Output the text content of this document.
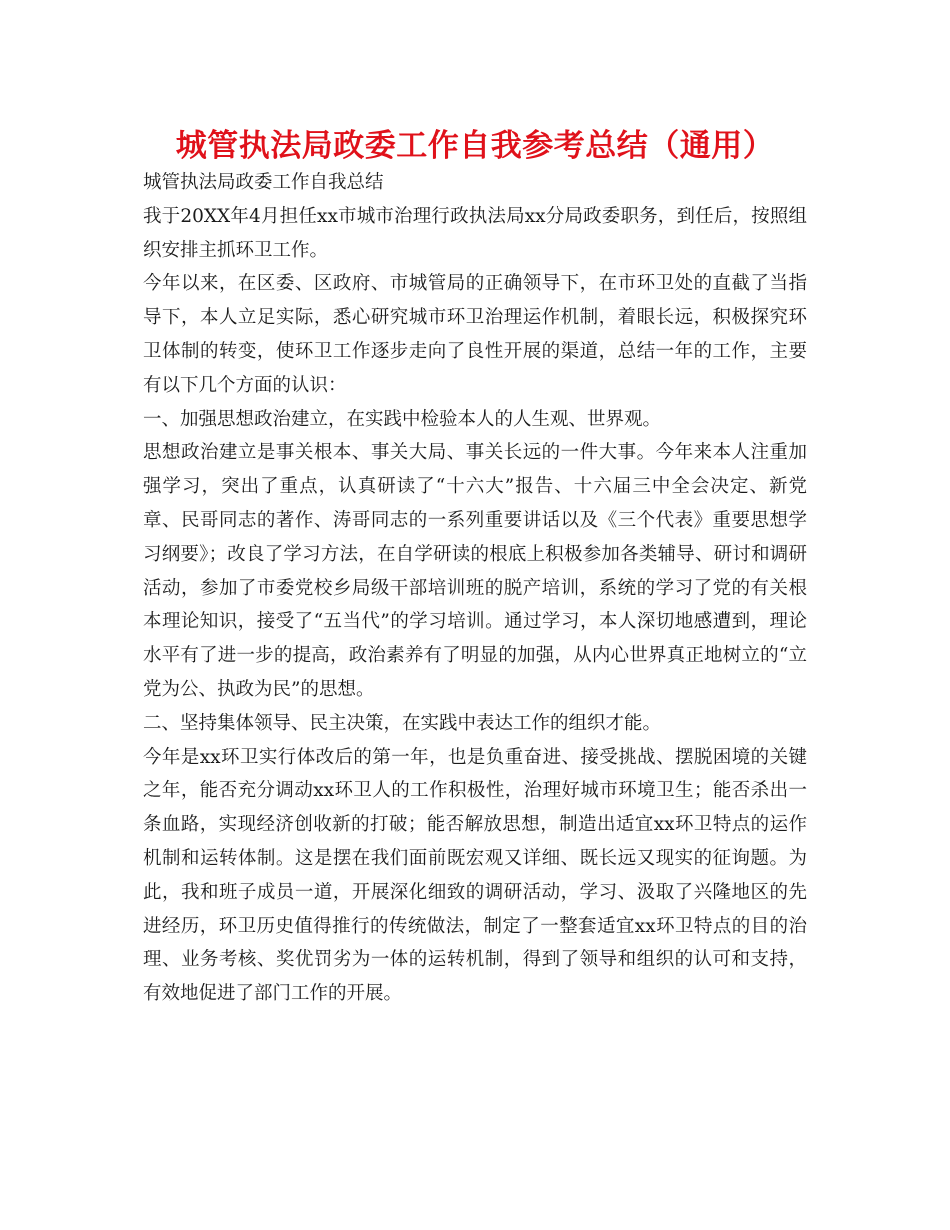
城管执法局政委工作自我参考总结（通用）

城管执法局政委工作自我总结

我于20XX年4月担任xx市城市治理行政执法局xx分局政委职务，到任后，按照组织安排主抓环卫工作。

今年以来，在区委、区政府、市城管局的正确领导下，在市环卫处的直截了当指导下，本人立足实际，悉心研究城市环卫治理运作机制，着眼长远，积极探究环卫体制的转变，使环卫工作逐步走向了良性开展的渠道，总结一年的工作，主要有以下几个方面的认识：

一、加强思想政治建立，在实践中检验本人的人生观、世界观。

思想政治建立是事关根本、事关大局、事关长远的一件大事。今年来本人注重加强学习，突出了重点，认真研读了“十六大”报告、十六届三中全会决定、新党章、民哥同志的著作、涛哥同志的一系列重要讲话以及《三个代表》重要思想学习纲要》；改良了学习方法，在自学研读的根底上积极参加各类辅导、研讨和调研活动，参加了市委党校乡局级干部培训班的脱产培训，系统的学习了党的有关根本理论知识，接受了“五当代”的学习培训。通过学习，本人深切地感遭到，理论水平有了进一步的提高，政治素养有了明显的加强，从内心世界真正地树立的“立党为公、执政为民”的思想。

二、坚持集体领导、民主决策，在实践中表达工作的组织才能。

今年是xx环卫实行体改后的第一年，也是负重奋进、接受挑战、摆脱困境的关键之年，能否充分调动xx环卫人的工作积极性，治理好城市环境卫生；能否杀出一条血路，实现经济创收新的打破；能否解放思想，制造出适宜xx环卫特点的运作机制和运转体制。这是摆在我们面前既宏观又详细、既长远又现实的征询题。为此，我和班子成员一道，开展深化细致的调研活动，学习、汲取了兴隆地区的先进经历，环卫历史值得推行的传统做法，制定了一整套适宜xx环卫特点的目的治理、业务考核、奖优罚劣为一体的运转机制，得到了领导和组织的认可和支持，有效地促进了部门工作的开展。
